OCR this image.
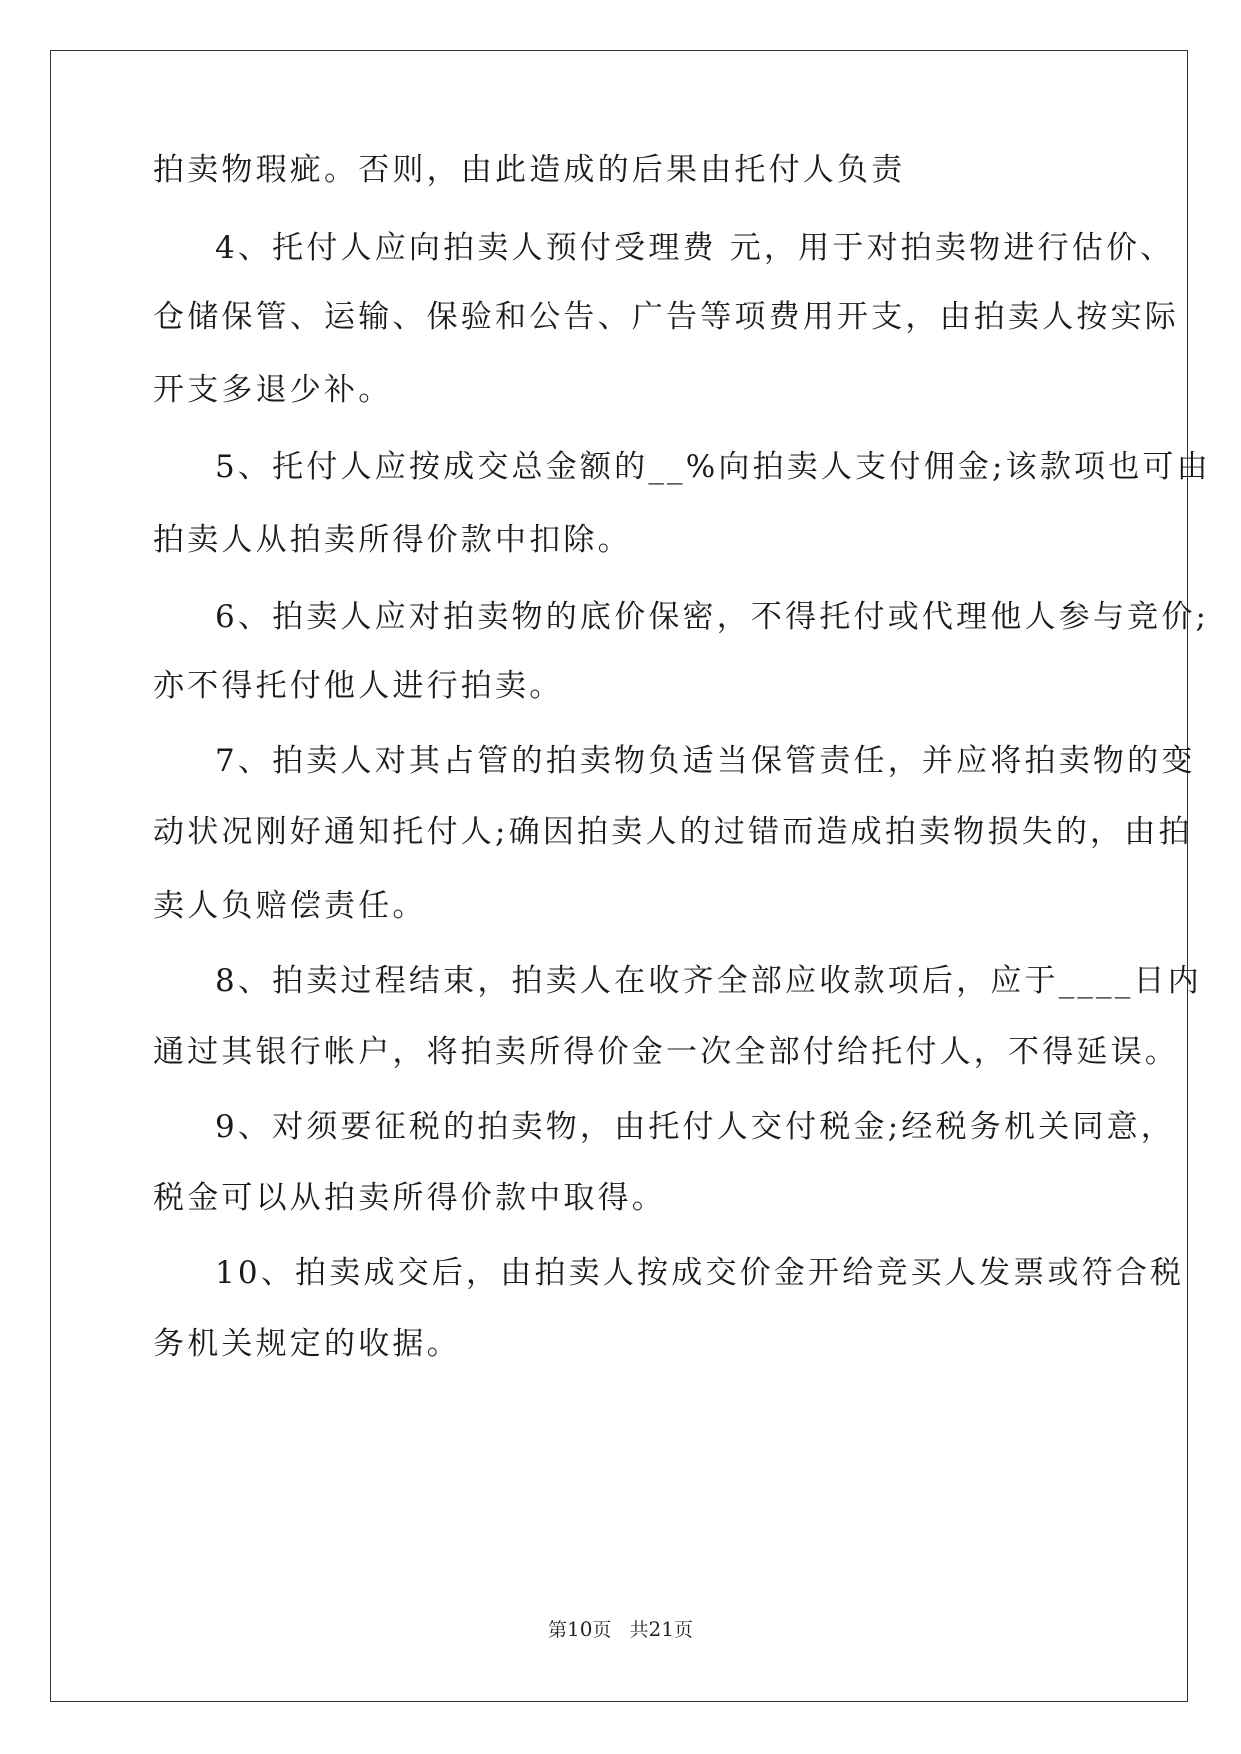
拍卖物瑕疵。否则，由此造成的后果由托付人负责
4、托付人应向拍卖人预付受理费 元，用于对拍卖物进行估价、
仓储保管、运输、保验和公告、广告等项费用开支，由拍卖人按实际
开支多退少补。
5、托付人应按成交总金额的__%向拍卖人支付佣金;该款项也可由
拍卖人从拍卖所得价款中扣除。
6、拍卖人应对拍卖物的底价保密，不得托付或代理他人参与竞价;
亦不得托付他人进行拍卖。
7、拍卖人对其占管的拍卖物负适当保管责任，并应将拍卖物的变
动状况刚好通知托付人;确因拍卖人的过错而造成拍卖物损失的，由拍
卖人负赔偿责任。
8、拍卖过程结束，拍卖人在收齐全部应收款项后，应于____日内
通过其银行帐户，将拍卖所得价金一次全部付给托付人，不得延误。
9、对须要征税的拍卖物，由托付人交付税金;经税务机关同意，
税金可以从拍卖所得价款中取得。
10、拍卖成交后，由拍卖人按成交价金开给竞买人发票或符合税
务机关规定的收据。
第10页 共21页
